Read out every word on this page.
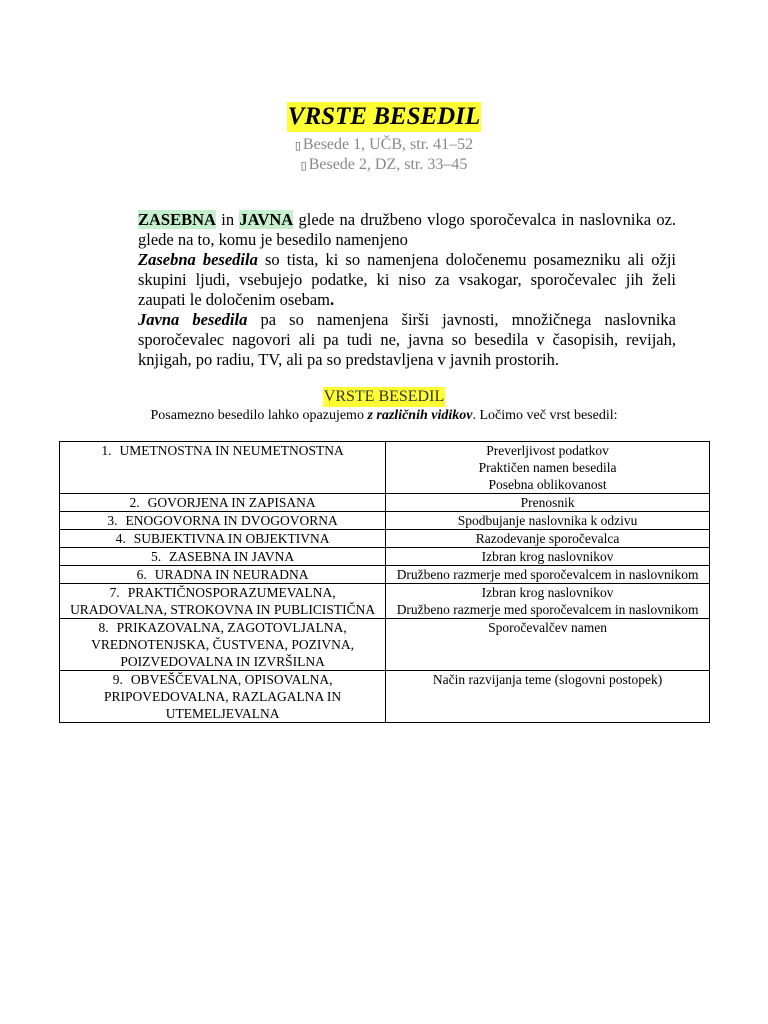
VRSTE BESEDIL
▯ Besede 1, UČB, str. 41–52
▯ Besede 2, DZ, str. 33–45

ZASEBNA in JAVNA glede na družbeno vlogo sporočevalca in naslovnika oz. glede na to, komu je besedilo namenjeno

Zasebna besedila so tista, ki so namenjena določenemu posamezniku ali ožji skupini ljudi, vsebujejo podatke, ki niso za vsakogar, sporočevalec jih želi zaupati le določenim osebam.

Javna besedila pa so namenjena širši javnosti, množičnega naslovnika sporočevalec nagovori ali pa tudi ne, javna so besedila v časopisih, revijah, knjigah, po radiu, TV, ali pa so predstavljena v javnih prostorih.

VRSTE BESEDIL
Posamezno besedilo lahko opazujemo z različnih vidikov. Ločimo več vrst besedil:
1. UMETNOSTNA IN NEUMETNOSTNA	Preverljivost podatkov
Praktičen namen besedila
Posebna oblikovanost

2. GOVORJENA IN ZAPISANA	Prenosnik

3. ENOGOVORNA IN DVOGOVORNA	Spodbujanje naslovnika k odzivu

4. SUBJEKTIVNA IN OBJEKTIVNA	Razodevanje sporočevalca

5. ZASEBNA IN JAVNA	Izbran krog naslovnikov

6. URADNA IN NEURADNA	Družbeno razmerje med sporočevalcem in naslovnikom

7. PRAKTIČNOSPORAZUMEVALNA, URADOVALNA, STROKOVNA IN PUBLICISTIČNA	Izbran krog naslovnikov
Družbeno razmerje med sporočevalcem in naslovnikom

8. PRIKAZOVALNA, ZAGOTOVLJALNA, VREDNOTENJSKA, ČUSTVENA, POZIVNA, POIZVEDOVALNA IN IZVRŠILNA	Sporočevalčev namen

9. OBVEŠČEVALNA, OPISOVALNA, PRIPOVEDOVALNA, RAZLAGALNA IN UTEMELJEVALNA	Način razvijanja teme (slogovni postopek)
